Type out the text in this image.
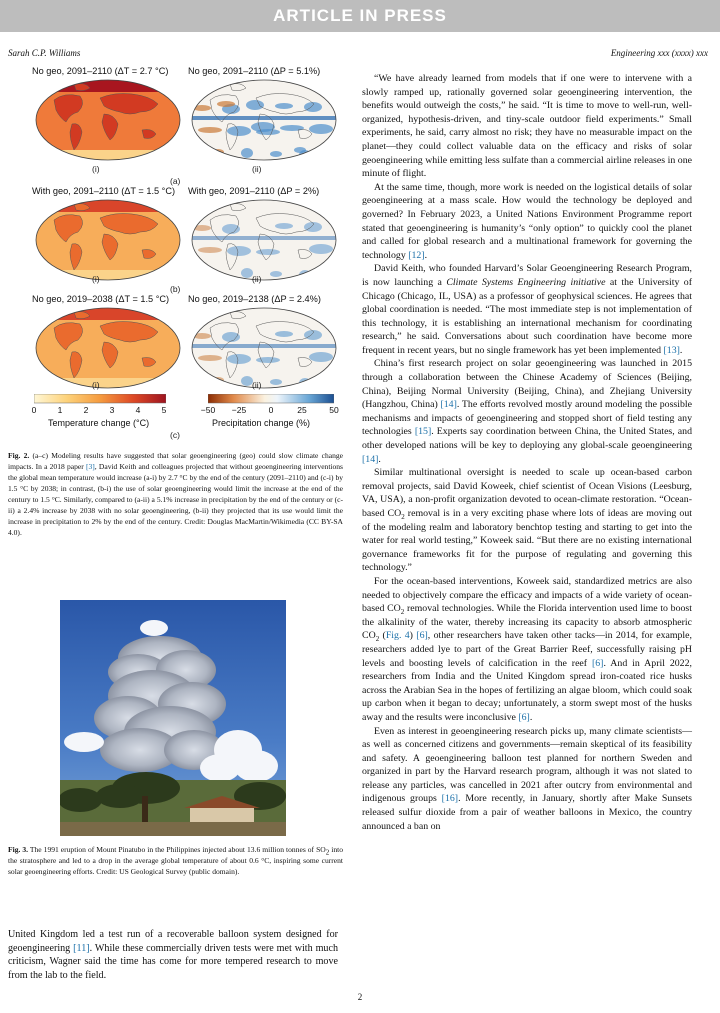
ARTICLE IN PRESS
Sarah C.P. Williams	Engineering xxx (xxxx) xxx
No geo, 2091–2110 (ΔT = 2.7 °C) No geo, 2091–2110 (ΔP = 5.1%)
(i)	(ii)
(a)
With geo, 2091–2110 (ΔT = 1.5 °C) With geo, 2091–2110 (ΔP = 2%)
(i)	(ii)
(b)
No geo, 2019–2038 (ΔT = 1.5 °C) No geo, 2019–2138 (ΔP = 2.4%)
(i)	(ii)
0	1	2	3	4	5
Temperature change (°C)
−50	−25	0	25	50
Precipitation change (%)
(c)
Fig. 2. (a–c) Modeling results have suggested that solar geoengineering (geo) could slow climate change impacts. In a 2018 paper [3], David Keith and colleagues projected that without geoengineering interventions the global mean temperature would increase (a-i) by 2.7 °C by the end of the century (2091–2110) and (c-i) by 1.5 °C by 2038; in contrast, (b-i) the use of solar geoengineering would limit the increase at the end of the century to 1.5 °C. Similarly, compared to (a-ii) a 5.1% increase in precipitation by the end of the century or (c-ii) a 2.4% increase by 2038 with no solar geoengineering, (b-ii) they projected that its use would limit the increase in precipitation to 2% by the end of the century. Credit: Douglas MacMartin/Wikimedia (CC BY-SA 4.0).
Fig. 3. The 1991 eruption of Mount Pinatubo in the Philippines injected about 13.6 million tonnes of $SO_2$ into the stratosphere and led to a drop in the average global temperature of about 0.6 °C, inspiring some current solar geoengineering efforts. Credit: US Geological Survey (public domain).
United Kingdom led a test run of a recoverable balloon system designed for geoengineering [11]. While these commercially driven tests were met with much criticism, Wagner said the time has come for more tempered research to move from the lab to the field.

“We have already learned from models that if one were to intervene with a slowly ramped up, rationally governed solar geoengineering intervention, the benefits would outweigh the costs,” he said. “It is time to move to well-run, well-organized, hypothesis-driven, and tiny-scale outdoor field experiments.” Small experiments, he said, carry almost no risk; they have no measurable impact on the planet—they could collect valuable data on the efficacy and risks of solar geoengineering while emitting less sulfate than a commercial airline releases in one minute of flight.

At the same time, though, more work is needed on the logistical details of solar geoengineering at a mass scale. How would the technology be deployed and governed? In February 2023, a United Nations Environment Programme report stated that geoengineering is humanity’s “only option” to quickly cool the planet and called for global research and a multinational framework for governing the technology [12].

David Keith, who founded Harvard’s Solar Geoengineering Research Program, is now launching a Climate Systems Engineering initiative at the University of Chicago (Chicago, IL, USA) as a professor of geophysical sciences. He agrees that global coordination is needed. “The most immediate step is not implementation of this technology, it is establishing an international mechanism for coordinating research,” he said. Conversations about such coordination have become more frequent in recent years, but no single framework has yet been implemented [13].

China’s first research project on solar geoengineering was launched in 2015 through a collaboration between the Chinese Academy of Sciences (Beijing, China), Beijing Normal University (Beijing, China), and Zhejiang University (Hangzhou, China) [14]. The efforts revolved mostly around modeling the possible mechanisms and impacts of geoengineering and stopped short of field testing any technologies [15]. Experts say coordination between China, the United States, and other developed nations will be key to deploying any global-scale geoengineering [14].

Similar multinational oversight is needed to scale up ocean-based carbon removal projects, said David Koweek, chief scientist of Ocean Visions (Leesburg, VA, USA), a non-profit organization devoted to ocean-climate restoration. “Ocean-based $CO_2$ removal is in a very exciting phase where lots of ideas are moving out of the modeling realm and laboratory benchtop testing and starting to get into the water for real world testing,” Koweek said. “But there are no existing international governance frameworks fit for the purpose of regulating and governing this technology.”

For the ocean-based interventions, Koweek said, standardized metrics are also needed to objectively compare the efficacy and impacts of a wide variety of ocean-based $CO_2$ removal technologies. While the Florida intervention used lime to boost the alkalinity of the water, thereby increasing its capacity to absorb atmospheric $CO_2$ (Fig. 4) [6], other researchers have taken other tacks—in 2014, for example, researchers added lye to part of the Great Barrier Reef, successfully raising pH levels and boosting levels of calcification in the reef [6]. And in April 2022, researchers from India and the United Kingdom spread iron-coated rice husks across the Arabian Sea in the hopes of fertilizing an algae bloom, which could soak up carbon when it began to decay; unfortunately, a storm swept most of the husks away and the results were inconclusive [6].

Even as interest in geoengineering research picks up, many climate scientists—as well as concerned citizens and governments—remain skeptical of its feasibility and safety. A geoengineering balloon test planned for northern Sweden and organized in part by the Harvard research program, although it was not slated to release any particles, was cancelled in 2021 after outcry from environmental and indigenous groups [16]. More recently, in January, shortly after Make Sunsets released sulfur dioxide from a pair of weather balloons in Mexico, the country announced a ban on

2
